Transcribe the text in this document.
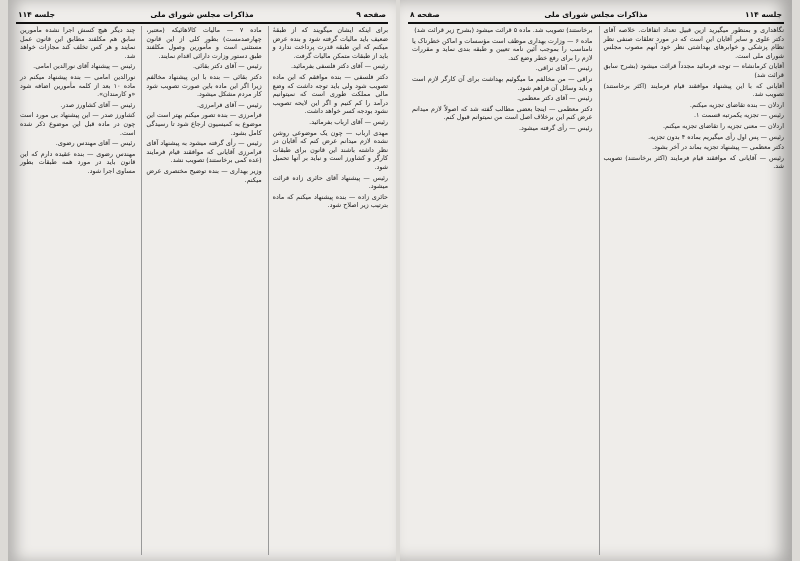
صفحه ۹
مذاکرات مجلس شورای ملی
جلسه ۱۱۴

برای اینکه ایشان میگویند که از طبقهٔ ضعیف باید مالیات گرفته شود و بنده عرض میکنم که این طبقه قدرت پرداخت ندارد و باید از طبقات متمکن مالیات گرفت.

رئیس — آقای دکتر فلسفی بفرمائید.

دکتر فلسفی — بنده موافقم که این ماده تصویب شود ولی باید توجه داشت که وضع مالی مملکت طوری است که نمیتوانیم درآمد را کم کنیم و اگر این لایحه تصویب نشود بودجه کسر خواهد داشت.

رئیس — آقای ارباب بفرمائید.

مهدی ارباب — چون یک موضوعی روشن نشده لازم میدانم عرض کنم که آقایان در نظر داشته باشند این قانون برای طبقات کارگر و کشاورز است و نباید بر آنها تحمیل شود.

رئیس — پیشنهاد آقای حائری زاده قرائت میشود.

حائری زاده — بنده پیشنهاد میکنم که ماده بترتیب زیر اصلاح شود.

ماده ۷ — مالیات کالاهائیکه (معتبر، چهارصدمست) بطور کلی از این قانون مستثنی است و مأمورین وصول مکلفند طبق دستور وزارت دارائی اقدام نمایند.

رئیس — آقای دکتر بقائی.

دکتر بقائی — بنده با این پیشنهاد مخالفم زیرا اگر این ماده باین صورت تصویب شود کار مردم مشکل میشود.

رئیس — آقای فرامرزی.

فرامرزی — بنده تصور میکنم بهتر است این موضوع به کمیسیون ارجاع شود تا رسیدگی کامل بشود.

رئیس — رأی گرفته میشود به پیشنهاد آقای فرامرزی آقایانی که موافقند قیام فرمایند (عده کمی برخاستند) تصویب نشد.

وزیر بهداری — بنده توضیح مختصری عرض میکنم.

چند دیگر هیچ کسش اجرا نشده مأمورین سابق هم مکلفند مطابق این قانون عمل نمایند و هر کس تخلف کند مجازات خواهد شد.

رئیس — پیشنهاد آقای نورالدین امامی.

نورالدین امامی — بنده پیشنهاد میکنم در ماده ۱۰ بعد از کلمه مأمورین اضافه شود «و کارمندان».

رئیس — آقای کشاورز صدر.

کشاورز صدر — این پیشنهاد بی مورد است چون در ماده قبل این موضوع ذکر شده است.

رئیس — آقای مهندس رضوی.

مهندس رضوی — بنده عقیده دارم که این قانون باید در مورد همه طبقات بطور مساوی اجرا شود.

جلسه ۱۱۴
مذاکرات مجلس شورای ملی
صفحه ۸

نگاهداری و بمنظور میگیرید ازین قبیل تعداد اتفاقات. خلاصه آقای دکتر علوی و سایر آقایان این است که در مورد تعلقات صنفی نظر نظام پزشکی و خوابرهای بهداشتی نظر خود آنهم مصوب مجلس شورای ملی است.

آقایان کرمانشاه — توجه فرمائید مجدداً قرائت میشود (بشرح سابق قرائت شد)

آقایانی که با این پیشنهاد موافقند قیام فرمایند (اکثر برخاستند) تصویب شد.

اردلان — بنده تقاضای تجزیه میکنم.

رئیس — تجزیه یکمرتبه قسمت ۱.

اردلان — معنی تجزیه را تقاضای تجزیه میکنم.

رئیس — پس اول رأی میگیریم بماده ۴ بدون تجزیه.

دکتر معظمی — پیشنهاد تجزیه بماند در آخر بشود.

رئیس — آقایانی که موافقند قیام فرمایند (اکثر برخاستند) تصویب شد.

برخاستند) تصویب شد. ماده ۵ قرائت میشود (بشرح زیر قرائت شد)

ماده ۶ — وزارت بهداری موظف است مؤسسات و اماکن خطرناک یا نامناسب را بموجب آئین نامه تعیین و طبقه بندی نماید و مقررات لازم را برای رفع خطر وضع کند.

رئیس — آقای نراقی.

نراقی — من مخالفم ما میگوئیم بهداشت برای آن کارگر لازم است و باید وسائل آن فراهم شود.

رئیس — آقای دکتر معظمی.

دکتر معظمی — اینجا بعضی مطالب گفته شد که اصولاً لازم میدانم عرض کنم این برخلاف اصل است من نمیتوانم قبول کنم.

رئیس — رأی گرفته میشود.
